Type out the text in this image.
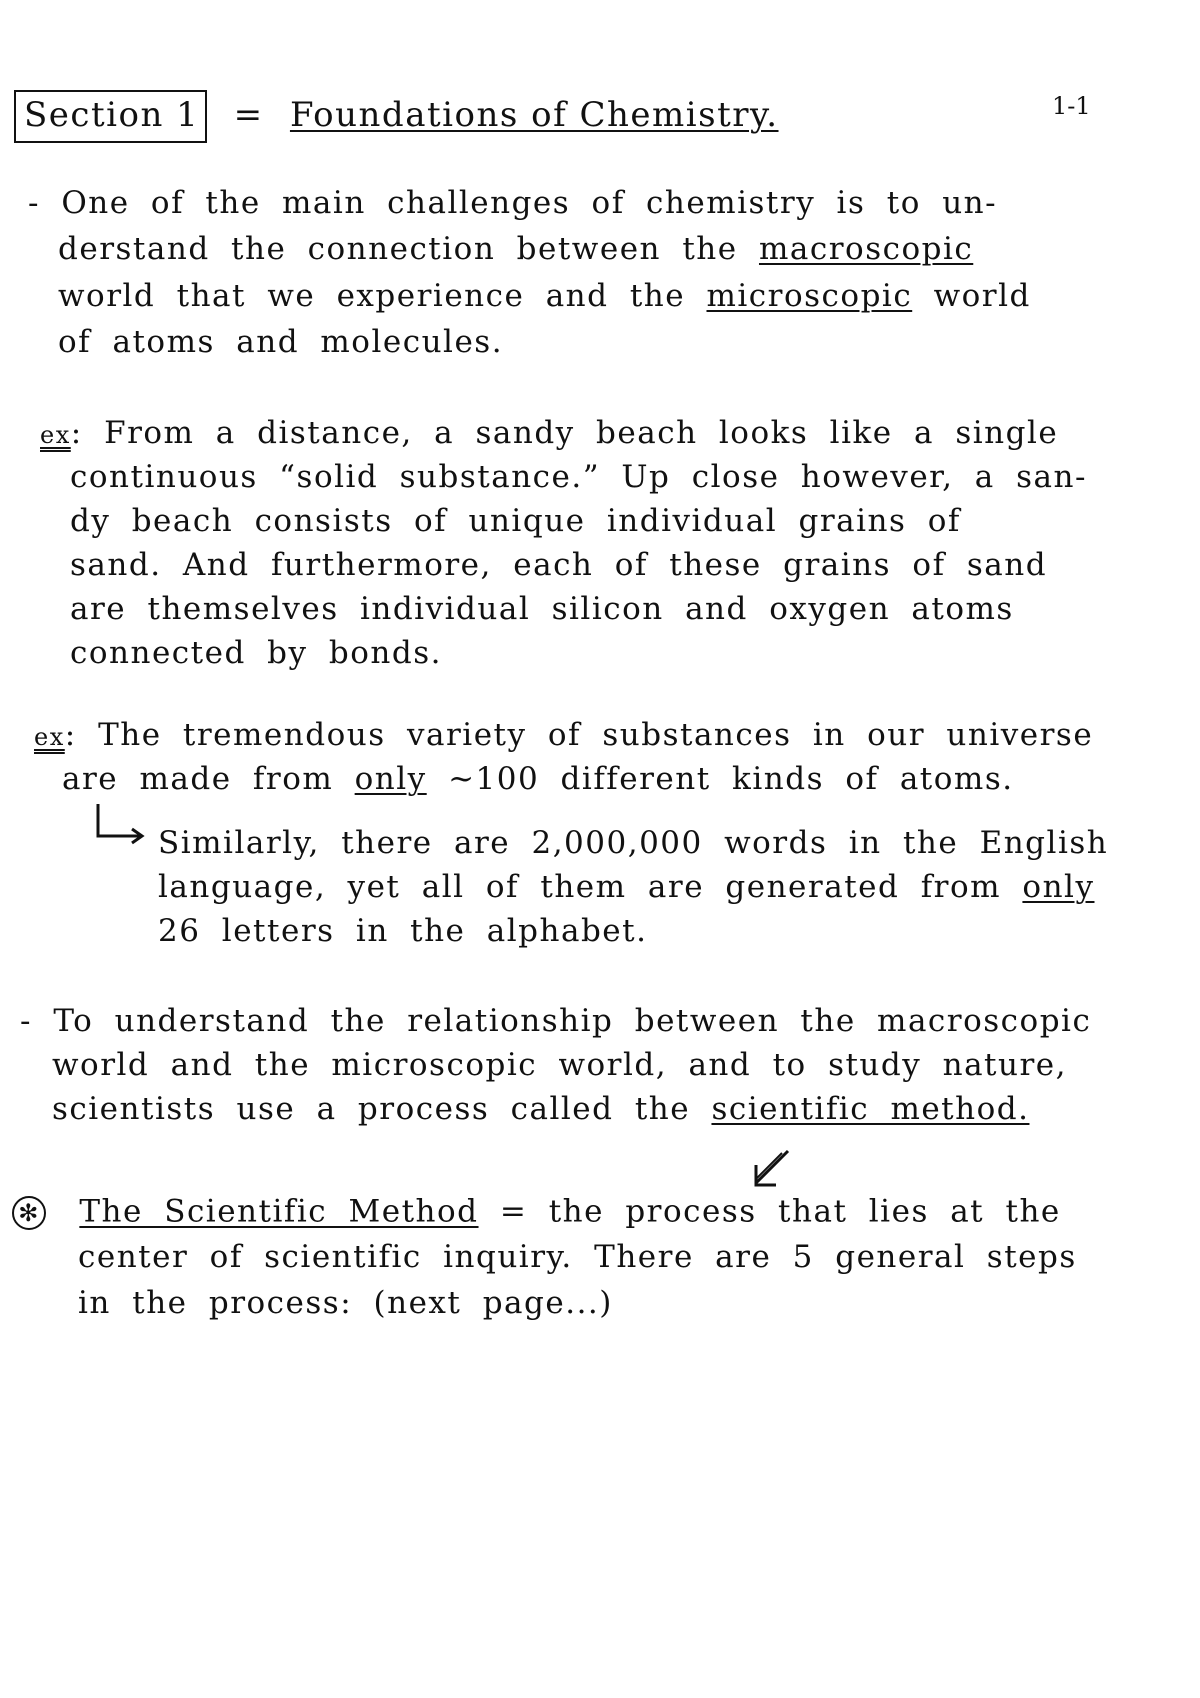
Section 1 = Foundations of Chemistry.	1-1
- One of the main challenges of chemistry is to un-
derstand the connection between the macroscopic
world that we experience and the microscopic world
of atoms and molecules.
ex: From a distance, a sandy beach looks like a single
continuous “solid substance.” Up close however, a san-
dy beach consists of unique individual grains of
sand. And furthermore, each of these grains of sand
are themselves individual silicon and oxygen atoms
connected by bonds.
ex: The tremendous variety of substances in our universe
are made from only ~100 different kinds of atoms.
Similarly, there are 2,000,000 words in the English
language, yet all of them are generated from only
26 letters in the alphabet.
- To understand the relationship between the macroscopic
world and the microscopic world, and to study nature,
scientists use a process called the scientific method.
✻ The Scientific Method = the process that lies at the
center of scientific inquiry. There are 5 general steps
in the process: (next page...)
